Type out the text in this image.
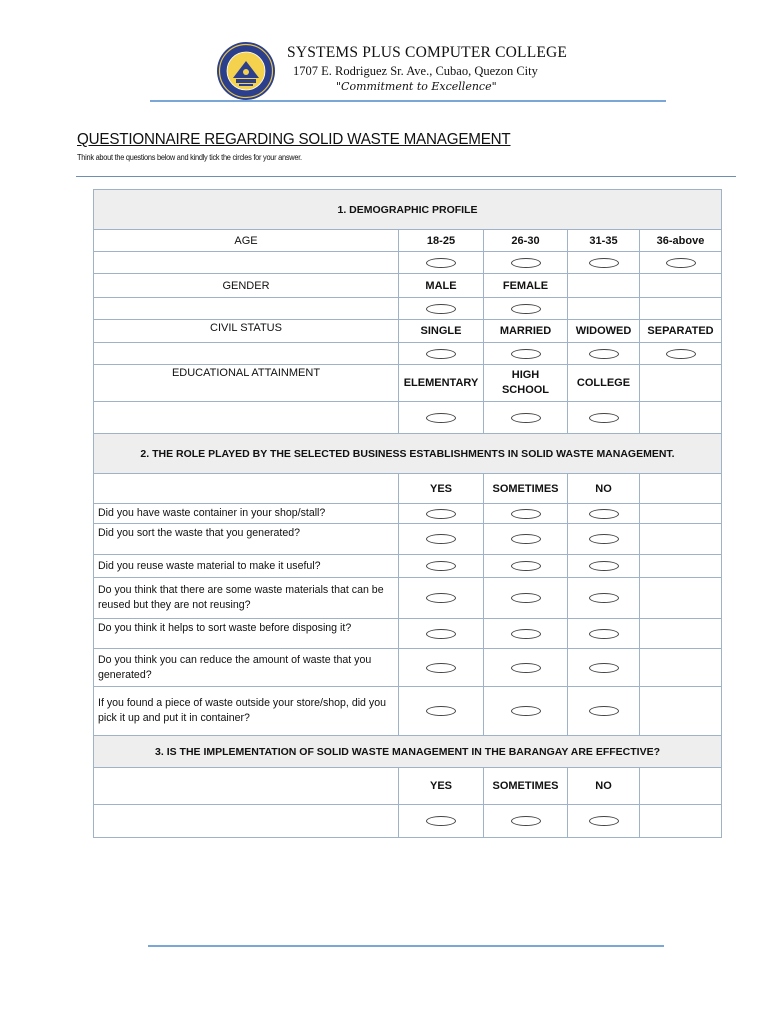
SYSTEMS PLUS COMPUTER COLLEGE
1707 E. Rodriguez Sr. Ave., Cubao, Quezon City
"Commitment to Excellence"
QUESTIONNAIRE REGARDING SOLID WASTE MANAGEMENT
Think about the questions below and kindly tick the circles for your answer.
1. DEMOGRAPHIC PROFILE				
AGE	18-25	26-30	31-35	36-above

GENDER	MALE	FEMALE		

CIVIL STATUS	SINGLE	MARRIED	WIDOWED	SEPARATED

EDUCATIONAL ATTAINMENT	ELEMENTARY	HIGH SCHOOL	COLLEGE	

2. THE ROLE PLAYED BY THE SELECTED BUSINESS ESTABLISHMENTS IN SOLID WASTE MANAGEMENT.				
	YES	SOMETIMES	NO	
Did you have waste container in your shop/stall?				
Did you sort the waste that you generated?				
Did you reuse waste material to make it useful?				
Do you think that there are some waste materials that can be reused but they are not reusing?				
Do you think it helps to sort waste before disposing it?				
Do you think you can reduce the amount of waste that you generated?				
If you found a piece of waste outside your store/shop, did you pick it up and put it in container?				
3. IS THE IMPLEMENTATION OF SOLID WASTE MANAGEMENT IN THE BARANGAY ARE EFFECTIVE?				
	YES	SOMETIMES	NO	
